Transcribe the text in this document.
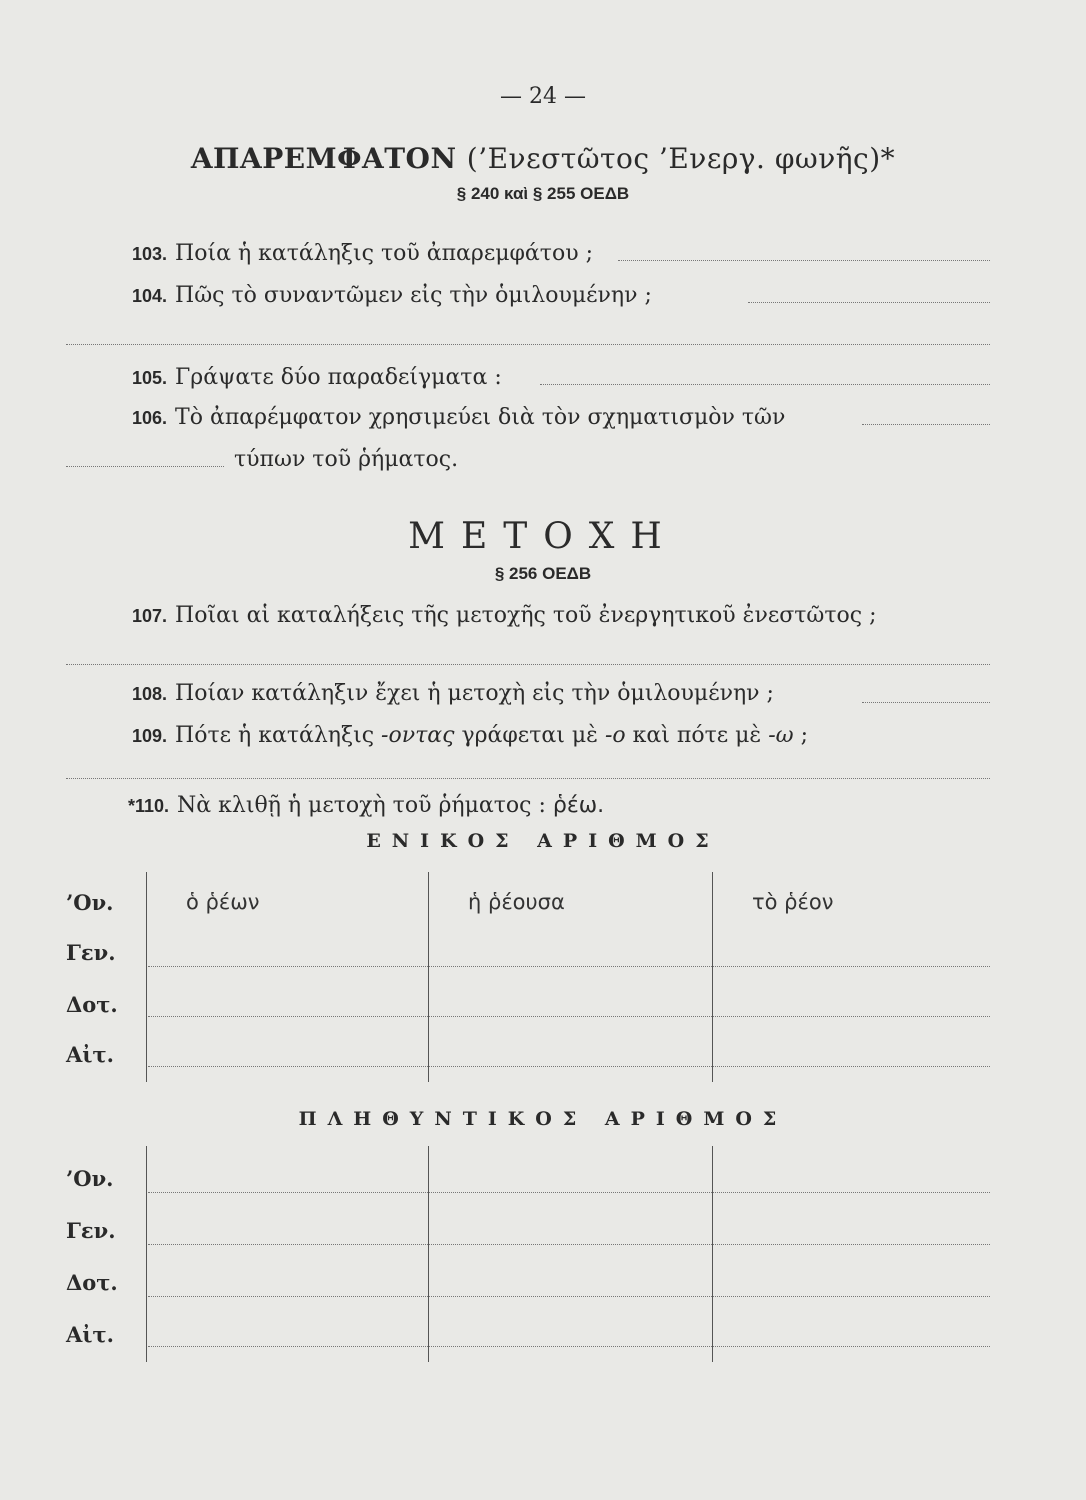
— 24 —
ΑΠΑΡΕΜΦΑΤΟΝ (’Ενεστῶτος ’Ενεργ. φωνῆς)*
§ 240 καὶ § 255 ΟΕΔΒ
103. Ποία ἡ κατάληξις τοῦ ἀπαρεμφάτου ;
104. Πῶς τὸ συναντῶμεν εἰς τὴν ὁμιλουμένην ;
105. Γράψατε δύο παραδείγματα :
106. Τὸ ἀπαρέμφατον χρησιμεύει διὰ τὸν σχηματισμὸν τῶν
τύπων τοῦ ῥήματος.
ΜΕΤΟΧΗ
§ 256 ΟΕΔΒ
107. Ποῖαι αἱ καταλήξεις τῆς μετοχῆς τοῦ ἐνεργητικοῦ ἐνεστῶτος ;
108. Ποίαν κατάληξιν ἔχει ἡ μετοχὴ εἰς τὴν ὁμιλουμένην ;
109. Πότε ἡ κατάληξις -οντας γράφεται μὲ -ο καὶ πότε μὲ -ω ;
*110. Νὰ κλιθῇ ἡ μετοχὴ τοῦ ῥήματος : ῥέω.
ΕΝΙΚΟΣ ΑΡΙΘΜΟΣ
’Ον.
Γεν.
Δοτ.
Αἰτ.
ὁ ῥέων	ἡ ῥέουσα	τὸ ῥέον
ΠΛΗΘΥΝΤΙΚΟΣ ΑΡΙΘΜΟΣ
’Ον.
Γεν.
Δοτ.
Αἰτ.
